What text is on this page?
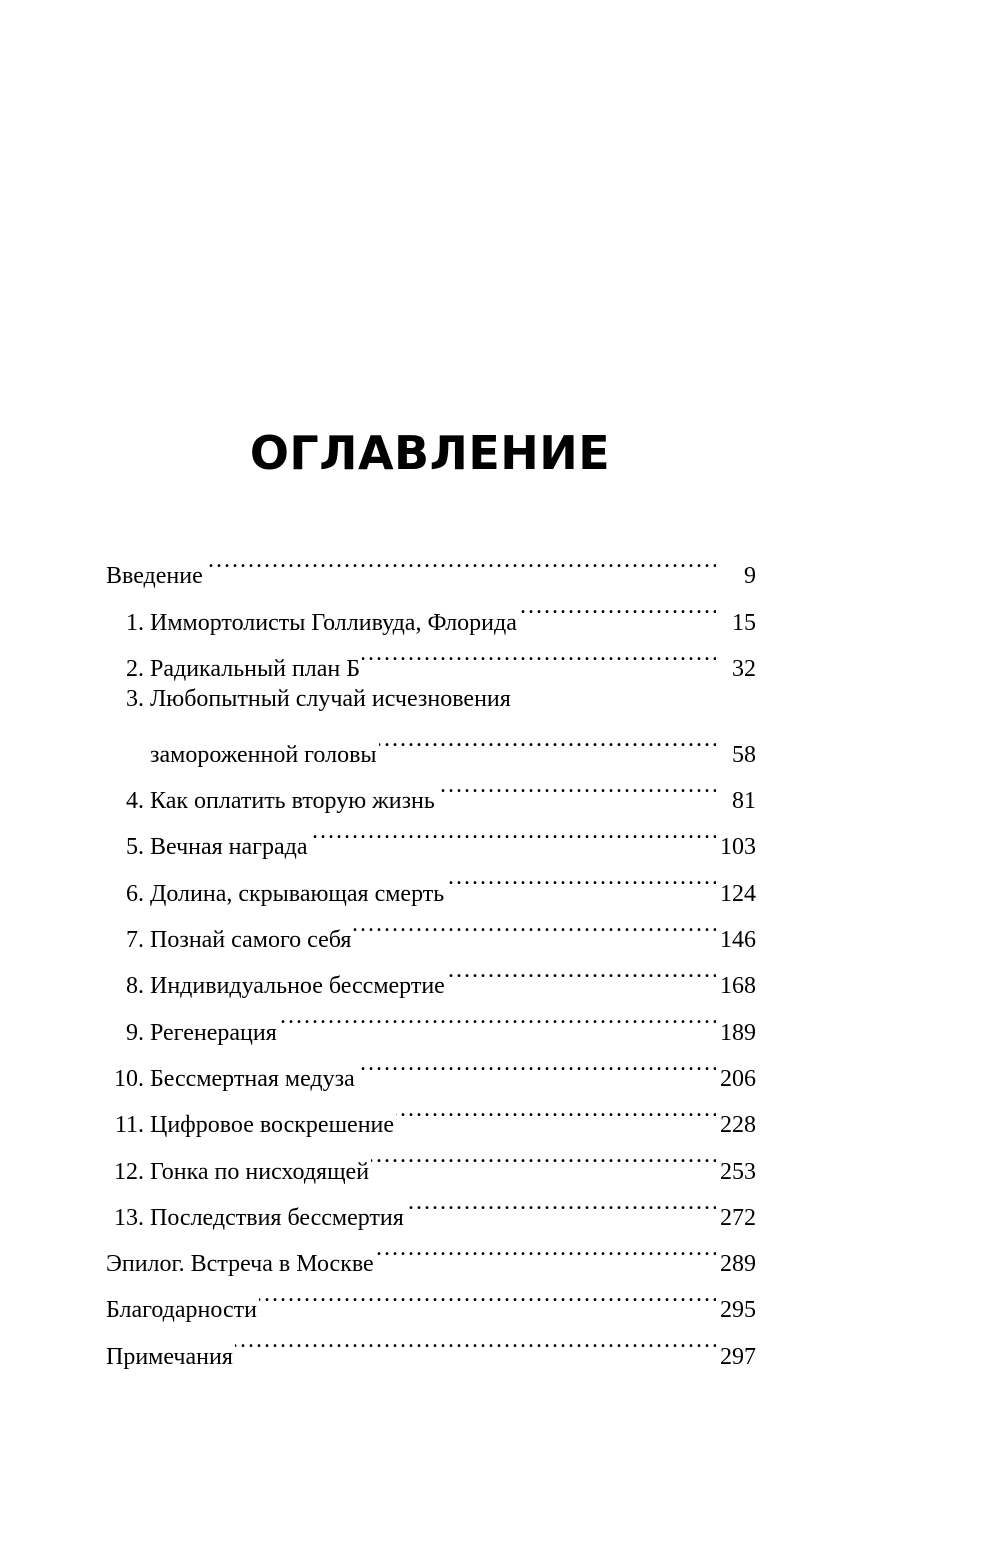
ОГЛАВЛЕНИЕ
Введение . . .	9
1. Иммортолисты Голливуда, Флорида . . .	15
2. Радикальный план Б . . .	32
3. Любопытный случай исчезновения
замороженной головы . . .	58
4. Как оплатить вторую жизнь . . .	81
5. Вечная награда . . .	103
6. Долина, скрывающая смерть . . .	124
7. Познай самого себя . . .	146
8. Индивидуальное бессмертие . . .	168
9. Регенерация . . .	189
10. Бессмертная медуза . . .	206
11. Цифровое воскрешение . . .	228
12. Гонка по нисходящей . . .	253
13. Последствия бессмертия . . .	272
Эпилог. Встреча в Москве . . .	289
Благодарности . . .	295
Примечания . . .	297
